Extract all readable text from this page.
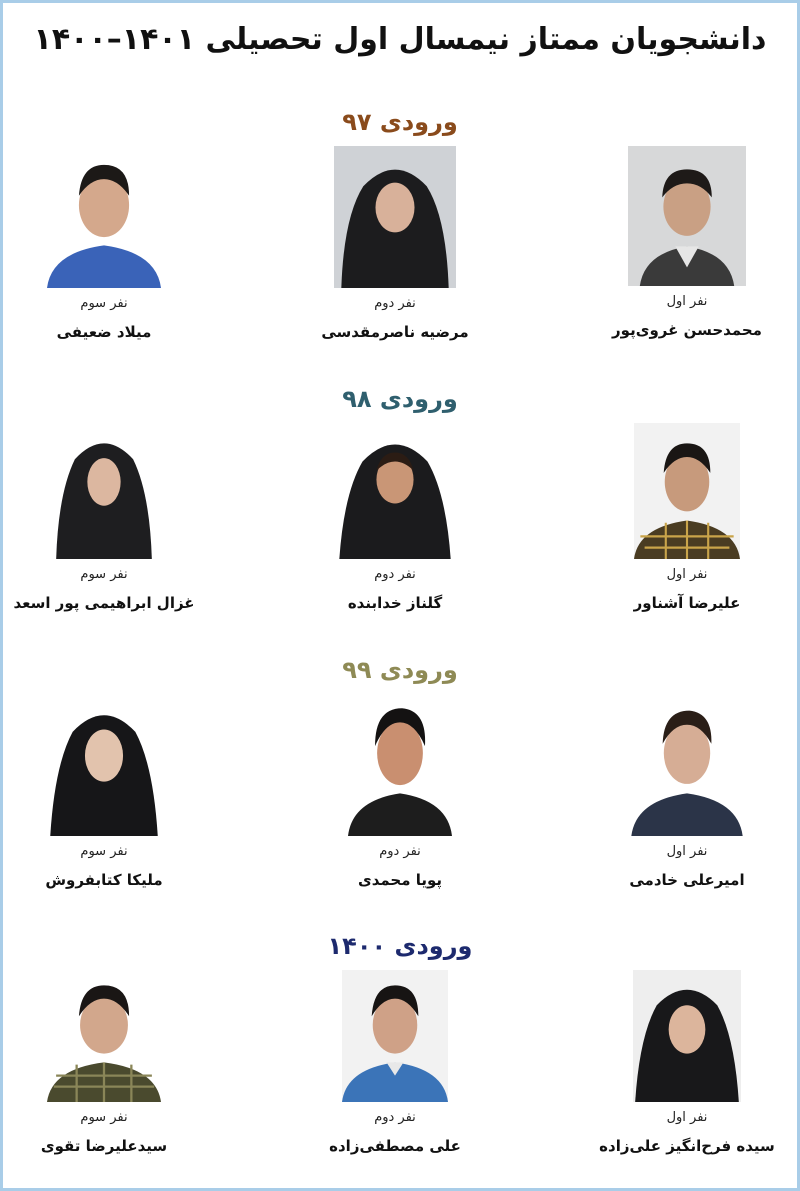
دانشجویان ممتاز نیمسال اول تحصیلی ۱۴۰۱–۱۴۰۰
ورودی ۹۷
نفر اول
محمدحسن غروی‌پور
نفر دوم
مرضیه ناصرمقدسی
نفر سوم
میلاد ضعیفی
ورودی ۹۸
نفر اول
علیرضا آشناور
نفر دوم
گلناز خدابنده
نفر سوم
غزال ابراهیمی پور اسعد
ورودی ۹۹
نفر اول
امیرعلی خادمی
نفر دوم
پویا محمدی
نفر سوم
ملیکا کتابفروش
ورودی ۱۴۰۰
نفر اول
سیده فرح‌انگیز علی‌زاده
نفر دوم
علی مصطفی‌زاده
نفر سوم
سیدعلیرضا تقوی
